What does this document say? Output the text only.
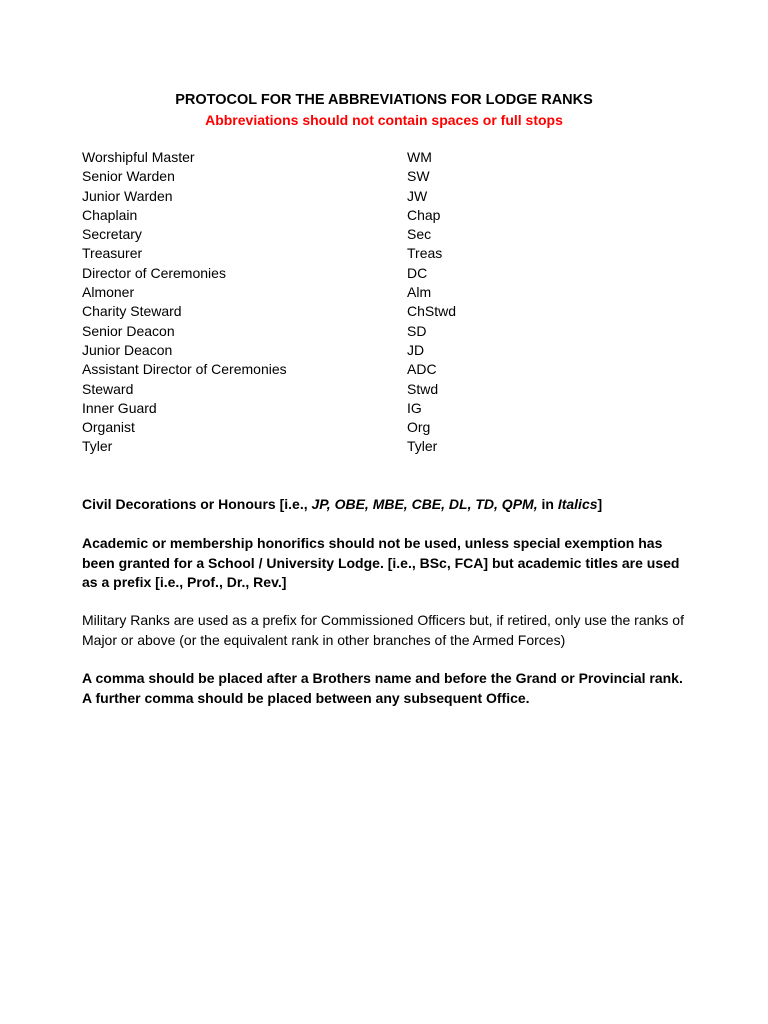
PROTOCOL FOR THE ABBREVIATIONS FOR LODGE RANKS
Abbreviations should not contain spaces or full stops
Worshipful Master	WM
Senior Warden	SW
Junior Warden	JW
Chaplain	Chap
Secretary	Sec
Treasurer	Treas
Director of Ceremonies	DC
Almoner	Alm
Charity Steward	ChStwd
Senior Deacon	SD
Junior Deacon	JD
Assistant Director of Ceremonies	ADC
Steward	Stwd
Inner Guard	IG
Organist	Org
Tyler	Tyler

Civil Decorations or Honours [i.e., JP, OBE, MBE, CBE, DL, TD, QPM, in Italics]

Academic or membership honorifics should not be used, unless special exemption has been granted for a School / University Lodge. [i.e., BSc, FCA] but academic titles are used as a prefix [i.e., Prof., Dr., Rev.]

Military Ranks are used as a prefix for Commissioned Officers but, if retired, only use the ranks of Major or above (or the equivalent rank in other branches of the Armed Forces)

A comma should be placed after a Brothers name and before the Grand or Provincial rank. A further comma should be placed between any subsequent Office.
